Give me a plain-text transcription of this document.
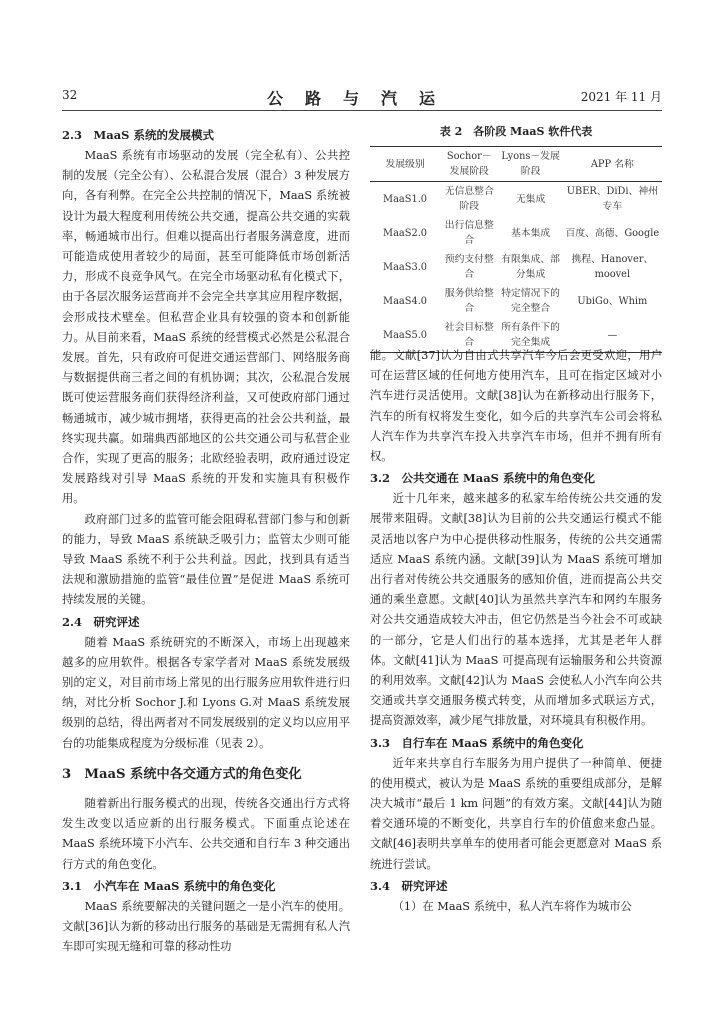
32	公路与汽运	2021 年 11 月
2.3　MaaS 系统的发展模式

MaaS 系统有市场驱动的发展（完全私有）、公共控制的发展（完全公有）、公私混合发展（混合）3 种发展方向，各有利弊。在完全公共控制的情况下，MaaS 系统被设计为最大程度利用传统公共交通，提高公共交通的实载率，畅通城市出行。但难以提高出行者服务满意度，进而可能造成使用者较少的局面，甚至可能降低市场创新活力，形成不良竞争风气。在完全市场驱动私有化模式下，由于各层次服务运营商并不会完全共享其应用程序数据，会形成技术壁垒。但私营企业具有较强的资本和创新能力。从目前来看，MaaS 系统的经营模式必然是公私混合发展。首先，只有政府可促进交通运营部门、网络服务商与数据提供商三者之间的有机协调；其次，公私混合发展既可使运营服务商们获得经济利益，又可使政府部门通过畅通城市，减少城市拥堵，获得更高的社会公共利益，最终实现共赢。如瑞典西部地区的公共交通公司与私营企业合作，实现了更高的服务；北欧经验表明，政府通过设定发展路线对引导 MaaS 系统的开发和实施具有积极作用。

政府部门过多的监管可能会阻碍私营部门参与和创新的能力，导致 MaaS 系统缺乏吸引力；监管太少则可能导致 MaaS 系统不利于公共利益。因此，找到具有适当法规和激励措施的监管“最佳位置”是促进 MaaS 系统可持续发展的关键。

2.4　研究评述

随着 MaaS 系统研究的不断深入，市场上出现越来越多的应用软件。根据各专家学者对 MaaS 系统发展级别的定义，对目前市场上常见的出行服务应用软件进行归纳，对比分析 Sochor J.和 Lyons G.对 MaaS 系统发展级别的总结，得出两者对不同发展级别的定义均以应用平台的功能集成程度为分级标准（见表 2）。

3　MaaS 系统中各交通方式的角色变化

随着新出行服务模式的出现，传统各交通出行方式将发生改变以适应新的出行服务模式。下面重点论述在 MaaS 系统环境下小汽车、公共交通和自行车 3 种交通出行方式的角色变化。

3.1　小汽车在 MaaS 系统中的角色变化

MaaS 系统要解决的关键问题之一是小汽车的使用。文献[36]认为新的移动出行服务的基础是无需拥有私人汽车即可实现无缝和可靠的移动性功

表 2　各阶段 MaaS 软件代表
发展级别	Sochor－发展阶段	Lyons－发展阶段	APP 名称
MaaS1.0	无信息整合阶段	无集成	UBER、DiDi、神州专车
MaaS2.0	出行信息整合	基本集成	百度、高德、Google
MaaS3.0	预约支付整合	有限集成、部分集成	携程、Hanover、moovel
MaaS4.0	服务供给整合	特定情况下的完全整合	UbiGo、Whim
MaaS5.0	社会目标整合	所有条件下的完全集成	—

能。文献[37]认为自由式共享汽车今后会更受欢迎，用户可在运营区域的任何地方使用汽车，且可在指定区域对小汽车进行灵活使用。文献[38]认为在新移动出行服务下，汽车的所有权将发生变化，如今后的共享汽车公司会将私人汽车作为共享汽车投入共享汽车市场，但并不拥有所有权。

3.2　公共交通在 MaaS 系统中的角色变化

近十几年来，越来越多的私家车给传统公共交通的发展带来阻碍。文献[38]认为目前的公共交通运行模式不能灵活地以客户为中心提供移动性服务，传统的公共交通需适应 MaaS 系统内涵。文献[39]认为 MaaS 系统可增加出行者对传统公共交通服务的感知价值，进而提高公共交通的乘坐意愿。文献[40]认为虽然共享汽车和网约车服务对公共交通造成较大冲击，但它仍然是当今社会不可或缺的一部分，它是人们出行的基本选择，尤其是老年人群体。文献[41]认为 MaaS 可提高现有运输服务和公共资源的利用效率。文献[42]认为 MaaS 会使私人小汽车向公共交通或共享交通服务模式转变，从而增加多式联运方式，提高资源效率，减少尾气排放量，对环境具有积极作用。

3.3　自行车在 MaaS 系统中的角色变化

近年来共享自行车服务为用户提供了一种简单、便捷的使用模式，被认为是 MaaS 系统的重要组成部分，是解决大城市“最后 1 km 问题”的有效方案。文献[44]认为随着交通环境的不断变化，共享自行车的价值愈来愈凸显。文献[46]表明共享单车的使用者可能会更愿意对 MaaS 系统进行尝试。

3.4　研究评述

（1）在 MaaS 系统中，私人汽车将作为城市公
